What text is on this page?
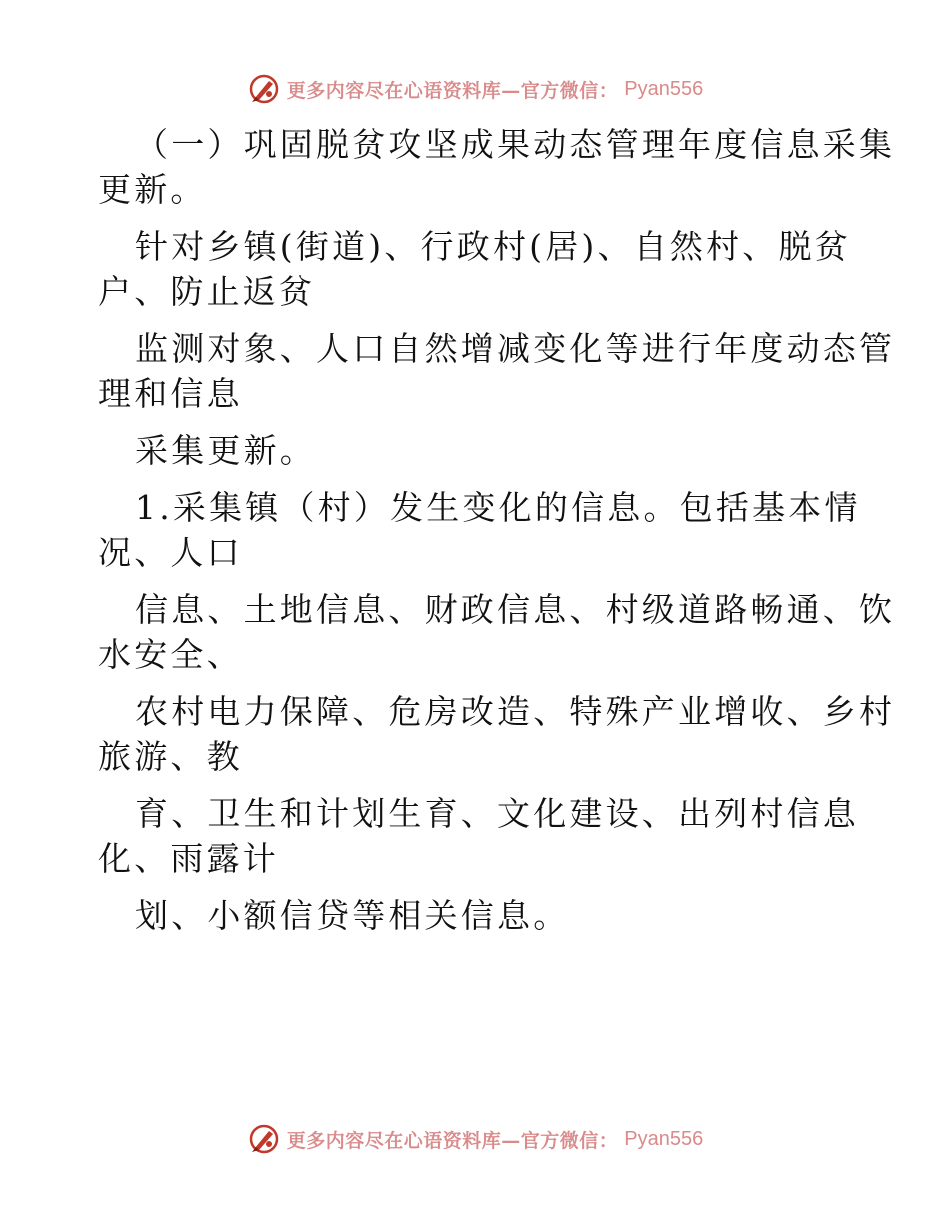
更多内容尽在心语资料库—官方微信： Pyan556
（一）巩固脱贫攻坚成果动态管理年度信息采集
更新。
针对乡镇(街道)、行政村(居)、自然村、脱贫
户、防止返贫
监测对象、人口自然增减变化等进行年度动态管
理和信息
采集更新。
1.采集镇（村）发生变化的信息。包括基本情
况、人口
信息、土地信息、财政信息、村级道路畅通、饮
水安全、
农村电力保障、危房改造、特殊产业增收、乡村
旅游、教
育、卫生和计划生育、文化建设、出列村信息
化、雨露计
划、小额信贷等相关信息。
更多内容尽在心语资料库—官方微信： Pyan556
